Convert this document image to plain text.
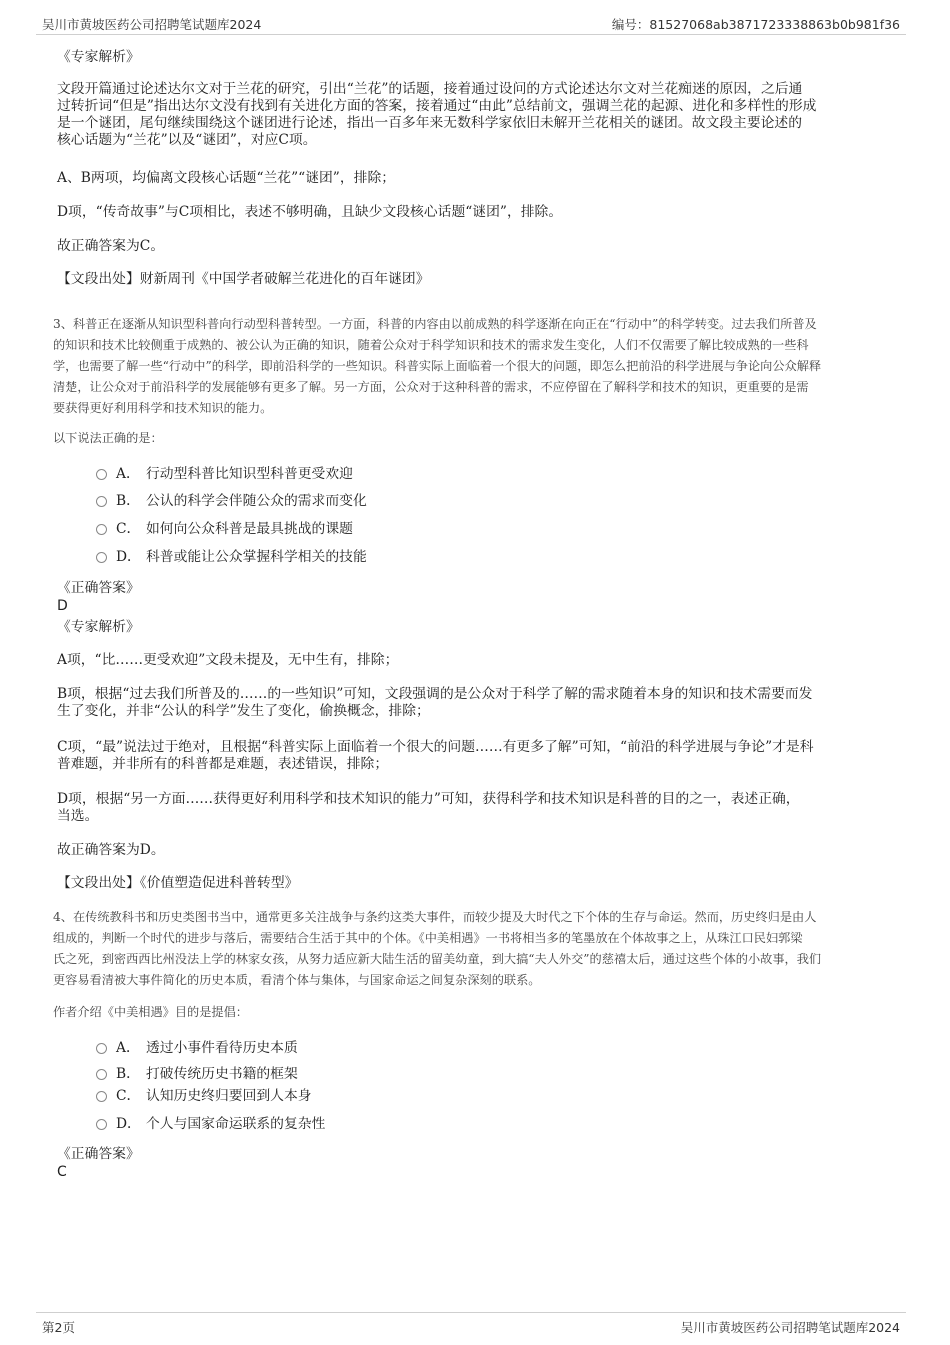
吴川市黄坡医药公司招聘笔试题库2024	编号：81527068ab3871723338863b0b981f36
《专家解析》
文段开篇通过论述达尔文对于兰花的研究，引出“兰花”的话题，接着通过设问的方式论述达尔文对兰花痴迷的原因，之后通
过转折词“但是”指出达尔文没有找到有关进化方面的答案，接着通过“由此”总结前文，强调兰花的起源、进化和多样性的形成
是一个谜团，尾句继续围绕这个谜团进行论述，指出一百多年来无数科学家依旧未解开兰花相关的谜团。故文段主要论述的
核心话题为“兰花”以及“谜团”，对应C项。
A、B两项，均偏离文段核心话题“兰花”“谜团”，排除；
D项，“传奇故事”与C项相比，表述不够明确，且缺少文段核心话题“谜团”，排除。
故正确答案为C。
【文段出处】财新周刊《中国学者破解兰花进化的百年谜团》
3、科普正在逐渐从知识型科普向行动型科普转型。一方面，科普的内容由以前成熟的科学逐渐在向正在“行动中”的科学转变。过去我们所普及
的知识和技术比较侧重于成熟的、被公认为正确的知识，随着公众对于科学知识和技术的需求发生变化，人们不仅需要了解比较成熟的一些科
学，也需要了解一些“行动中”的科学，即前沿科学的一些知识。科普实际上面临着一个很大的问题，即怎么把前沿的科学进展与争论向公众解释
清楚，让公众对于前沿科学的发展能够有更多了解。另一方面，公众对于这种科普的需求，不应停留在了解科学和技术的知识，更重要的是需
要获得更好利用科学和技术知识的能力。
以下说法正确的是：
A． 行动型科普比知识型科普更受欢迎
B． 公认的科学会伴随公众的需求而变化
C． 如何向公众科普是最具挑战的课题
D． 科普或能让公众掌握科学相关的技能
《正确答案》
D
《专家解析》
A项，“比……更受欢迎”文段未提及，无中生有，排除；
B项，根据“过去我们所普及的……的一些知识”可知，文段强调的是公众对于科学了解的需求随着本身的知识和技术需要而发
生了变化，并非“公认的科学”发生了变化，偷换概念，排除；
C项，“最”说法过于绝对，且根据“科普实际上面临着一个很大的问题……有更多了解”可知，“前沿的科学进展与争论”才是科
普难题，并非所有的科普都是难题，表述错误，排除；
D项，根据“另一方面……获得更好利用科学和技术知识的能力”可知，获得科学和技术知识是科普的目的之一，表述正确，
当选。
故正确答案为D。
【文段出处】《价值塑造促进科普转型》
4、在传统教科书和历史类图书当中，通常更多关注战争与条约这类大事件，而较少提及大时代之下个体的生存与命运。然而，历史终归是由人
组成的，判断一个时代的进步与落后，需要结合生活于其中的个体。《中美相遇》一书将相当多的笔墨放在个体故事之上，从珠江口民妇郭梁
氏之死，到密西西比州没法上学的林家女孩，从努力适应新大陆生活的留美幼童，到大搞“夫人外交”的慈禧太后，通过这些个体的小故事，我们
更容易看清被大事件简化的历史本质，看清个体与集体，与国家命运之间复杂深刻的联系。
作者介绍《中美相遇》目的是提倡：
A． 透过小事件看待历史本质
B． 打破传统历史书籍的框架
C． 认知历史终归要回到人本身
D． 个人与国家命运联系的复杂性
《正确答案》
C
第2页	吴川市黄坡医药公司招聘笔试题库2024
